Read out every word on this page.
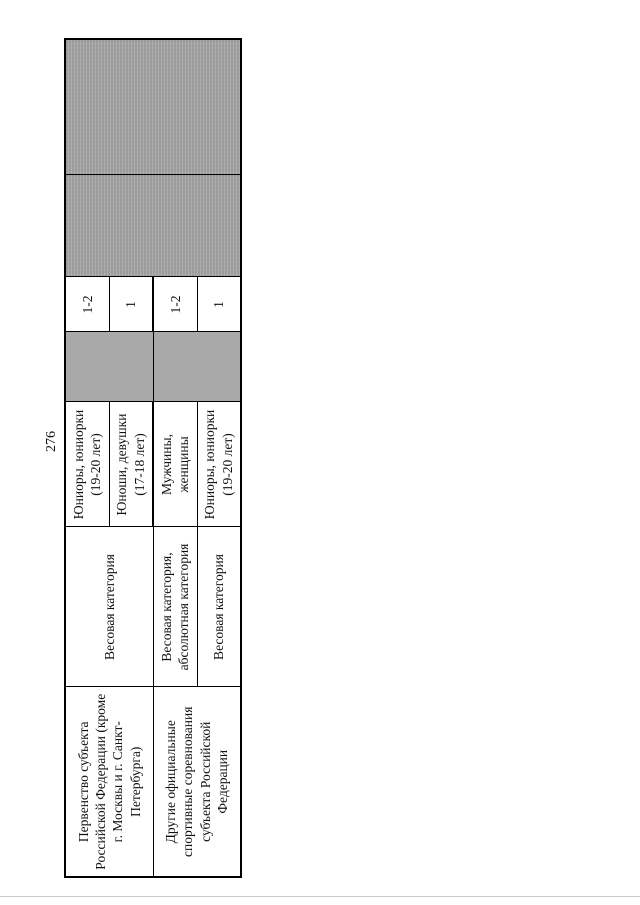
276
Первенство субъекта Российской Федерации (кроме г. Москвы и г. Санкт-Петербурга)	Весовая категория	Юниоры, юниорки (19-20 лет)		1-2		
		Юноши, девушки (17-18 лет)		1		
Другие официальные спортивные соревнования субъекта Российской Федерации	Весовая категория, абсолютная категория	Мужчины, женщины		1-2		
	Весовая категория	Юниоры, юниорки (19-20 лет)		1		
